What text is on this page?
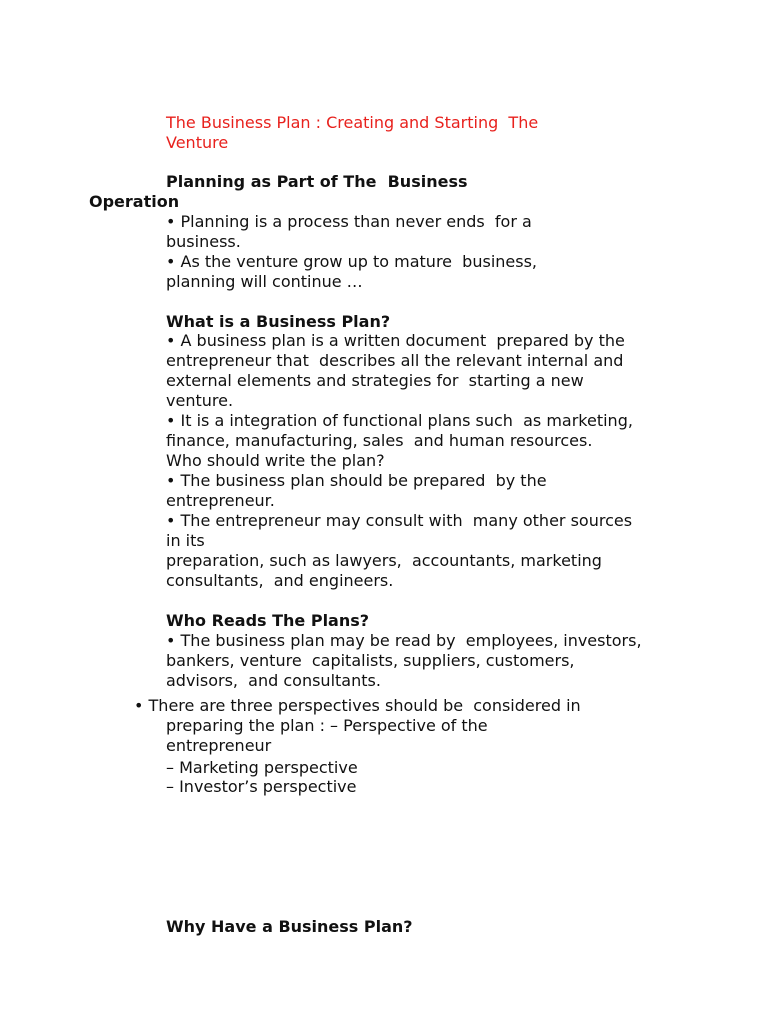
The Business Plan : Creating and Starting  The
Venture
Planning as Part of The  Business
Operation
• Planning is a process than never ends  for a
business.
• As the venture grow up to mature  business,
planning will continue …
What is a Business Plan?
• A business plan is a written document  prepared by the
entrepreneur that  describes all the relevant internal and
external elements and strategies for  starting a new
venture.
• It is a integration of functional plans such  as marketing,
finance, manufacturing, sales  and human resources.
Who should write the plan?
• The business plan should be prepared  by the
entrepreneur.
• The entrepreneur may consult with  many other sources
in its
preparation, such as lawyers,  accountants, marketing
consultants,  and engineers.
Who Reads The Plans?
• The business plan may be read by  employees, investors,
bankers, venture  capitalists, suppliers, customers,
advisors,  and consultants.
• There are three perspectives should be  considered in
preparing the plan : – Perspective of the
entrepreneur
– Marketing perspective
– Investor’s perspective
Why Have a Business Plan?
